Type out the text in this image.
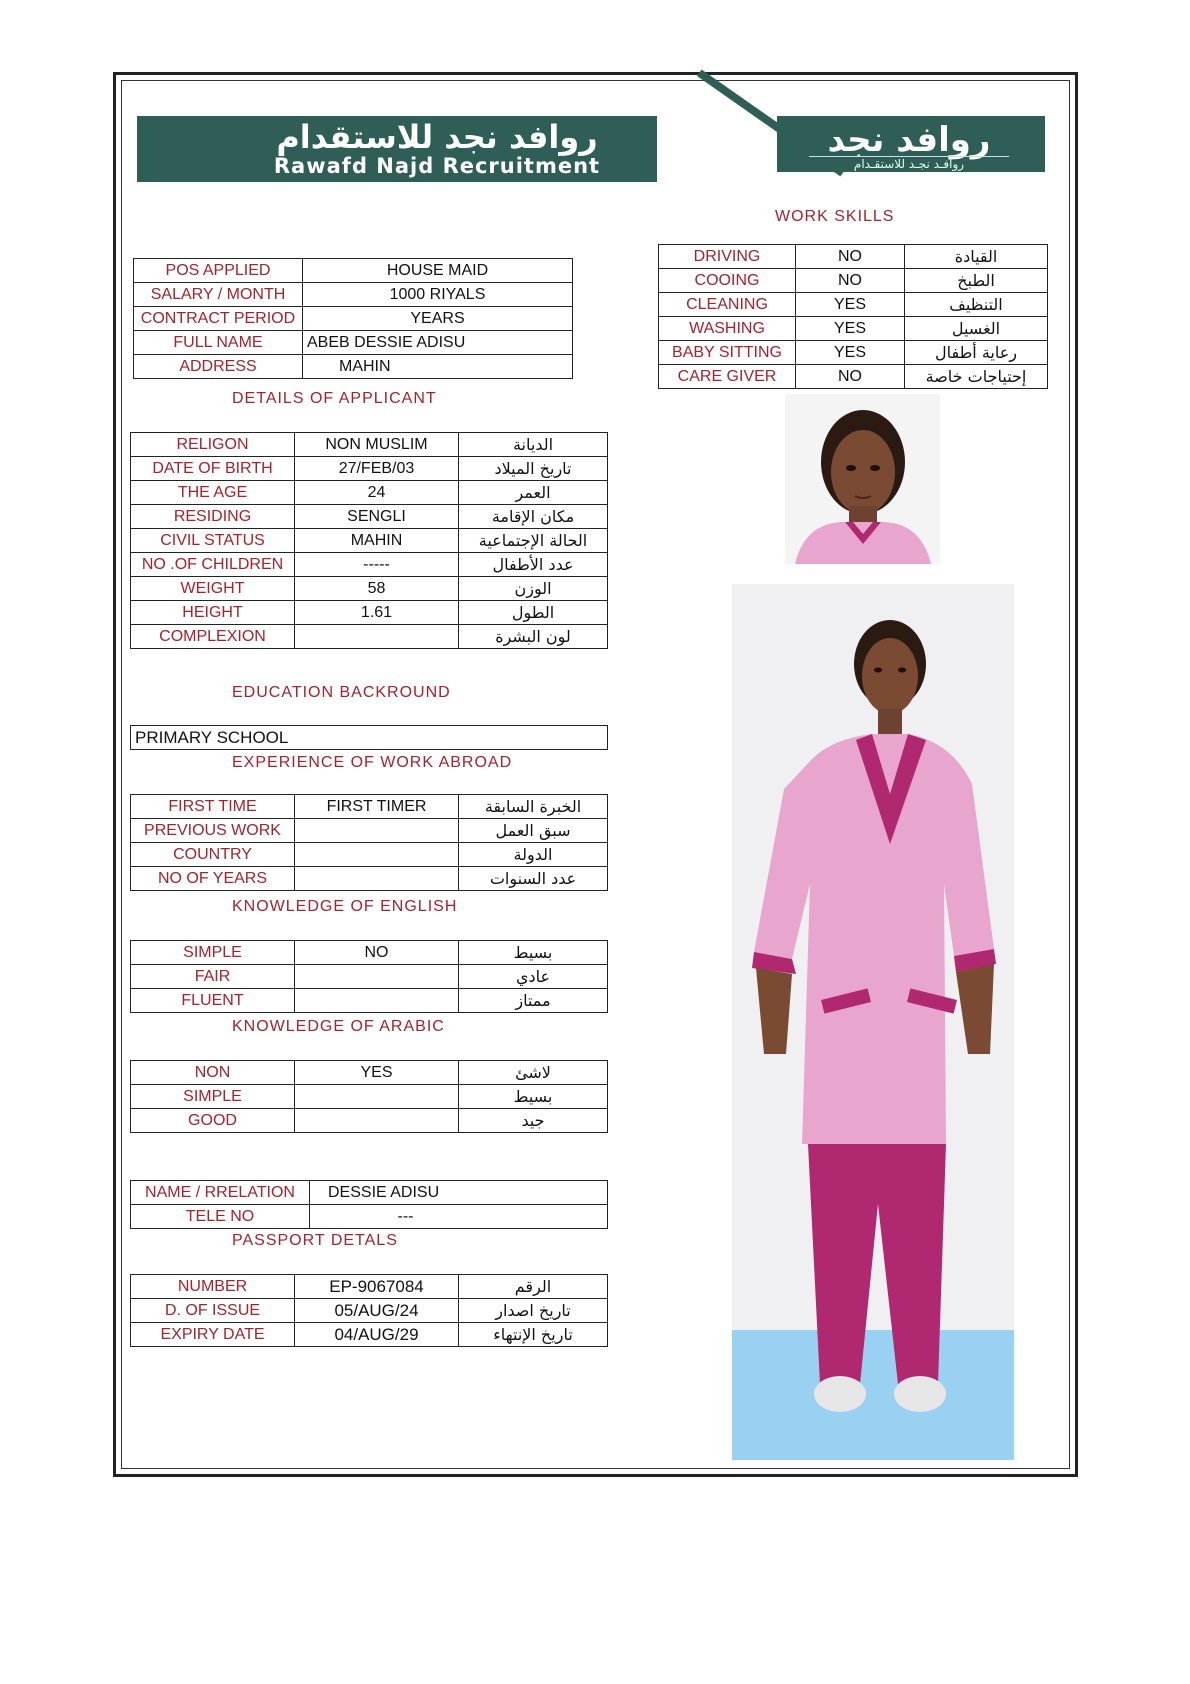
روافد نجد للاستقدام
Rawafd Najd Recruitment
روافد نجد
روافـد نجـد للاستقـدام
POS APPLIED	HOUSE MAID
SALARY / MONTH	1000 RIYALS
CONTRACT PERIOD	YEARS
FULL NAME	ABEB DESSIE ADISU
ADDRESS	MAHIN
WORK SKILLS
DRIVING	NO	القيادة
COOING	NO	الطبخ
CLEANING	YES	التنظيف
WASHING	YES	الغسيل
BABY SITTING	YES	رعاية أطفال
CARE GIVER	NO	إحتياجات خاصة
DETAILS OF APPLICANT
RELIGON	NON MUSLIM	الديانة
DATE OF BIRTH	27/FEB/03	تاريخ الميلاد
THE AGE	24	العمر
RESIDING	SENGLI	مكان الإقامة
CIVIL STATUS	MAHIN	الحالة الإجتماعية
NO .OF CHILDREN	-----	عدد الأطفال
WEIGHT	58	الوزن
HEIGHT	1.61	الطول
COMPLEXION		لون البشرة
EDUCATION BACKROUND
PRIMARY SCHOOL
EXPERIENCE OF WORK ABROAD
FIRST TIME	FIRST TIMER	الخبرة السابقة
PREVIOUS WORK		سبق العمل
COUNTRY		الدولة
NO OF YEARS		عدد السنوات
KNOWLEDGE OF ENGLISH
SIMPLE	NO	بسيط
FAIR		عادي
FLUENT		ممتاز
KNOWLEDGE OF ARABIC
NON	YES	لاشئ
SIMPLE		بسيط
GOOD		جيد
NAME / RRELATION	DESSIE ADISU
TELE NO	---
PASSPORT DETALS
NUMBER	EP-9067084	الرقم
D. OF ISSUE	05/AUG/24	تاريخ اصدار
EXPIRY DATE	04/AUG/29	تاريخ الإنتهاء
